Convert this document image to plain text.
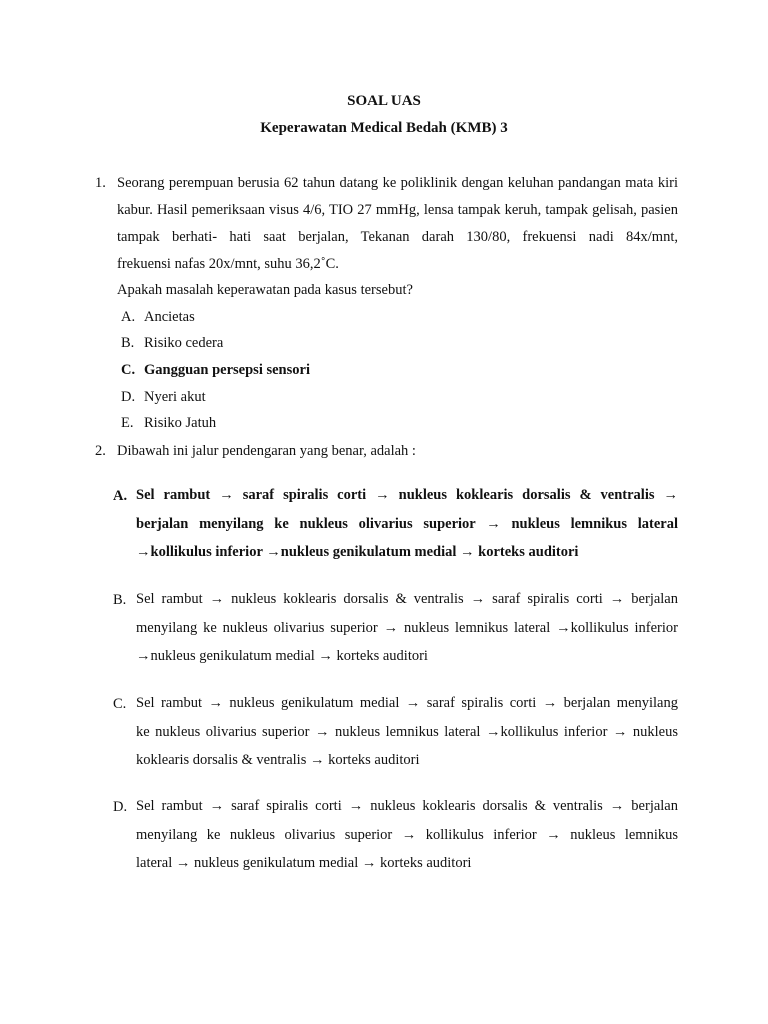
SOAL UAS
Keperawatan Medical Bedah (KMB) 3
1. Seorang perempuan berusia 62 tahun datang ke poliklinik dengan keluhan pandangan mata kiri kabur. Hasil pemeriksaan visus 4/6, TIO 27 mmHg, lensa tampak keruh, tampak gelisah, pasien tampak berhati- hati saat berjalan, Tekanan darah 130/80, frekuensi nadi 84x/mnt,
frekuensi nafas 20x/mnt, suhu 36,2˚C.
Apakah masalah keperawatan pada kasus tersebut?
A. Ancietas
B. Risiko cedera
C. Gangguan persepsi sensori
D. Nyeri akut
E. Risiko Jatuh
2. Dibawah ini jalur pendengaran yang benar, adalah :
A. Sel rambut → saraf spiralis corti → nukleus koklearis dorsalis & ventralis →
berjalan menyilang ke nukleus olivarius superior → nukleus lemnikus lateral
→kollikulus inferior →nukleus genikulatum medial → korteks auditori
B. Sel rambut → nukleus koklearis dorsalis & ventralis → saraf spiralis corti → berjalan
menyilang ke nukleus olivarius superior → nukleus lemnikus lateral →kollikulus inferior
→nukleus genikulatum medial → korteks auditori
C. Sel rambut → nukleus genikulatum medial → saraf spiralis corti → berjalan menyilang
ke nukleus olivarius superior → nukleus lemnikus lateral →kollikulus inferior → nukleus
koklearis dorsalis & ventralis → korteks auditori
D. Sel rambut → saraf spiralis corti → nukleus koklearis dorsalis & ventralis → berjalan
menyilang ke nukleus olivarius superior → kollikulus inferior → nukleus lemnikus
lateral → nukleus genikulatum medial → korteks auditori
